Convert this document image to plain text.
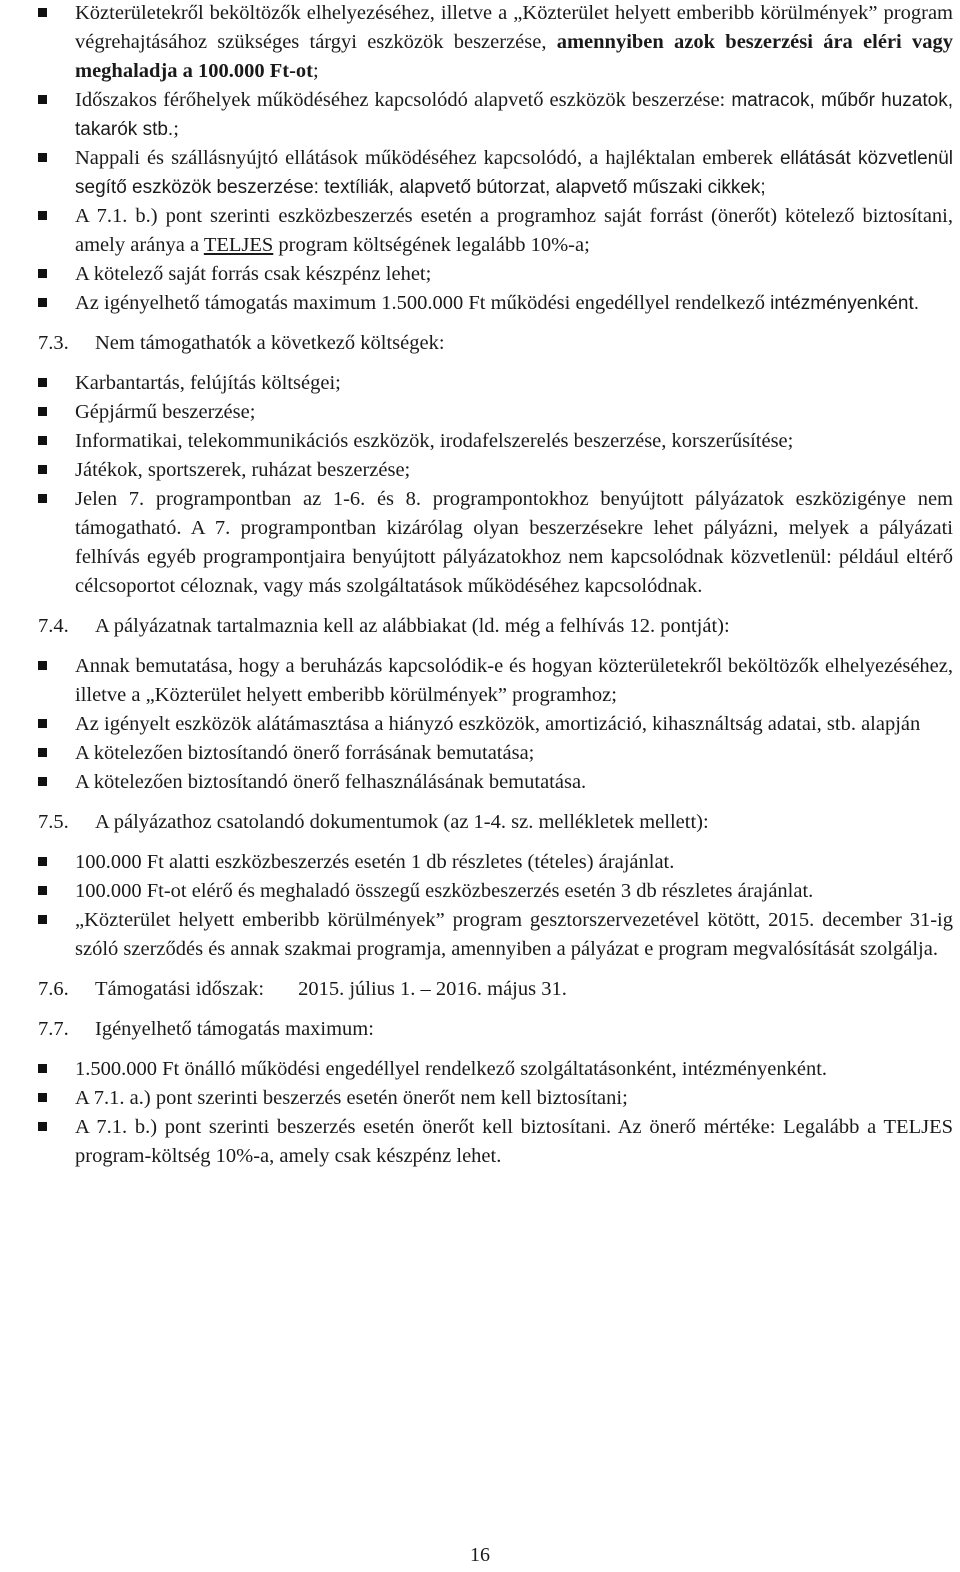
Közterületekről beköltözők elhelyezéséhez, illetve a „Közterület helyett emberibb körülmények” program végrehajtásához szükséges tárgyi eszközök beszerzése, amennyiben azok beszerzési ára eléri vagy meghaladja a 100.000 Ft-ot;
Időszakos férőhelyek működéséhez kapcsolódó alapvető eszközök beszerzése: matracok, műbőr huzatok, takarók stb.;
Nappali és szállásnyújtó ellátások működéséhez kapcsolódó, a hajléktalan emberek ellátását közvetlenül segítő eszközök beszerzése: textíliák, alapvető bútorzat, alapvető műszaki cikkek;
A 7.1. b.) pont szerinti eszközbeszerzés esetén a programhoz saját forrást (önerőt) kötelező biztosítani, amely aránya a TELJES program költségének legalább 10%-a;
A kötelező saját forrás csak készpénz lehet;
Az igényelhető támogatás maximum 1.500.000 Ft működési engedéllyel rendelkező intézményenként.
7.3.	Nem támogathatók a következő költségek:
Karbantartás, felújítás költségei;
Gépjármű beszerzése;
Informatikai, telekommunikációs eszközök, irodafelszerelés beszerzése, korszerűsítése;
Játékok, sportszerek, ruházat beszerzése;
Jelen 7. programpontban az 1-6. és 8. programpontokhoz benyújtott pályázatok eszközigénye nem támogatható. A 7. programpontban kizárólag olyan beszerzésekre lehet pályázni, melyek a pályázati felhívás egyéb programpontjaira benyújtott pályázatokhoz nem kapcsolódnak közvetlenül: például eltérő célcsoportot céloznak, vagy más szolgáltatások működéséhez kapcsolódnak.
7.4.	A pályázatnak tartalmaznia kell az alábbiakat (ld. még a felhívás 12. pontját):
Annak bemutatása, hogy a beruházás kapcsolódik-e és hogyan közterületekről beköltözők elhelyezéséhez, illetve a „Közterület helyett emberibb körülmények” programhoz;
Az igényelt eszközök alátámasztása a hiányzó eszközök, amortizáció, kihasználtság adatai, stb. alapján
A kötelezően biztosítandó önerő forrásának bemutatása;
A kötelezően biztosítandó önerő felhasználásának bemutatása.
7.5.	A pályázathoz csatolandó dokumentumok (az 1-4. sz. mellékletek mellett):
100.000 Ft alatti eszközbeszerzés esetén 1 db részletes (tételes) árajánlat.
100.000 Ft-ot elérő és meghaladó összegű eszközbeszerzés esetén 3 db részletes árajánlat.
„Közterület helyett emberibb körülmények” program gesztorszervezetével kötött, 2015. december 31-ig szóló szerződés és annak szakmai programja, amennyiben a pályázat e program megvalósítását szolgálja.
7.6.	Támogatási időszak: 2015. július 1. – 2016. május 31.
7.7.	Igényelhető támogatás maximum:
1.500.000 Ft önálló működési engedéllyel rendelkező szolgáltatásonként, intézményenként.
A 7.1. a.) pont szerinti beszerzés esetén önerőt nem kell biztosítani;
A 7.1. b.) pont szerinti beszerzés esetén önerőt kell biztosítani. Az önerő mértéke: Legalább a TELJES program-költség 10%-a, amely csak készpénz lehet.
16
